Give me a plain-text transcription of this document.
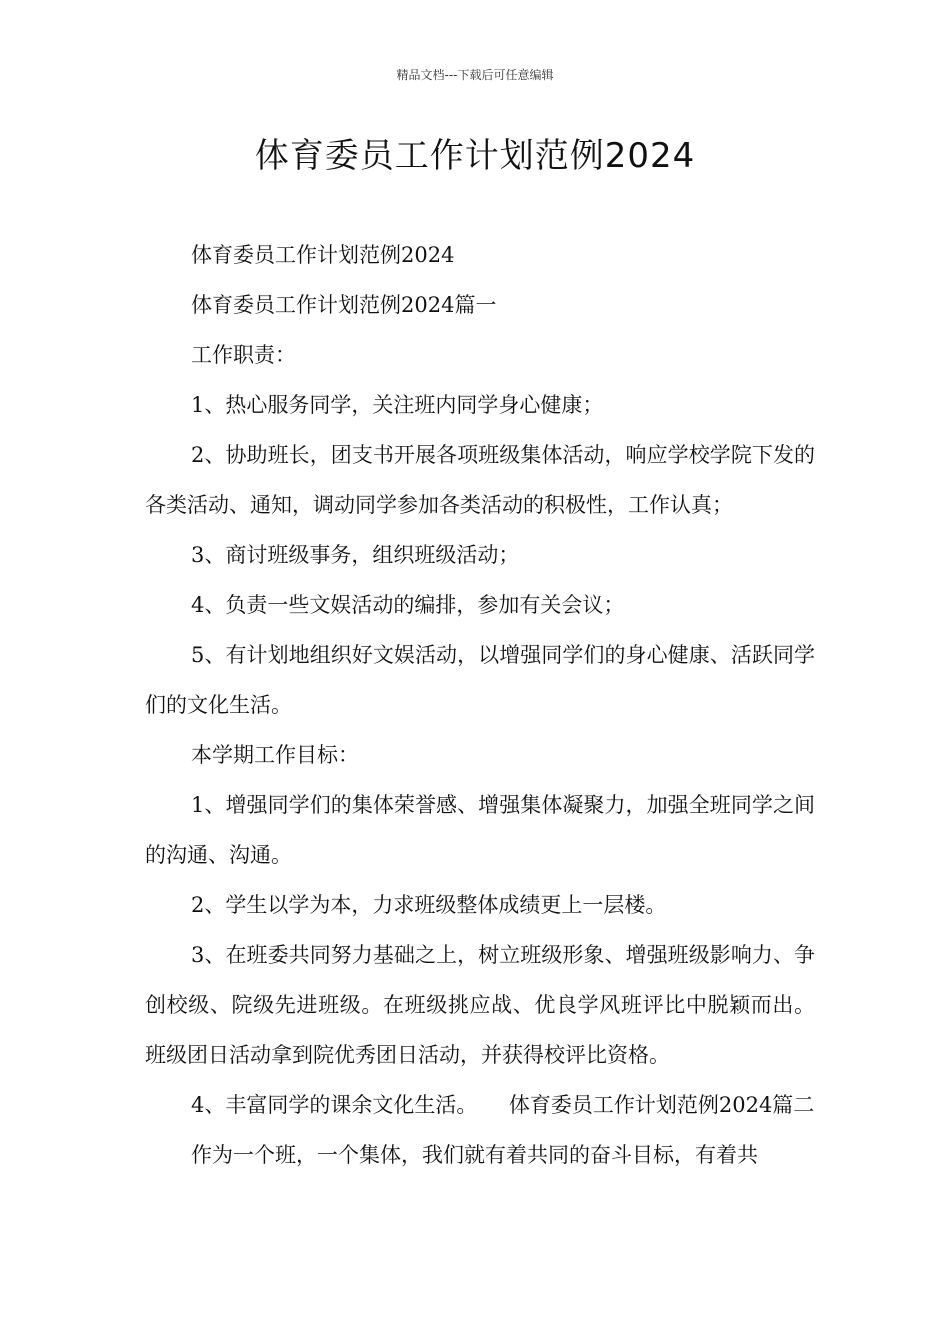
精品文档---下载后可任意编辑
体育委员工作计划范例2024

体育委员工作计划范例2024

体育委员工作计划范例2024篇一

工作职责：

1、热心服务同学，关注班内同学身心健康；

2、协助班长，团支书开展各项班级集体活动，响应学校学院下发的各类活动、通知，调动同学参加各类活动的积极性，工作认真；

3、商讨班级事务，组织班级活动；

4、负责一些文娱活动的编排，参加有关会议；

5、有计划地组织好文娱活动，以增强同学们的身心健康、活跃同学们的文化生活。

本学期工作目标：

1、增强同学们的集体荣誉感、增强集体凝聚力，加强全班同学之间的沟通、沟通。

2、学生以学为本，力求班级整体成绩更上一层楼。

3、在班委共同努力基础之上，树立班级形象、增强班级影响力、争创校级、院级先进班级。在班级挑应战、优良学风班评比中脱颖而出。班级团日活动拿到院优秀团日活动，并获得校评比资格。

4、丰富同学的课余文化生活。　　体育委员工作计划范例2024篇二

作为一个班，一个集体，我们就有着共同的奋斗目标，有着共
